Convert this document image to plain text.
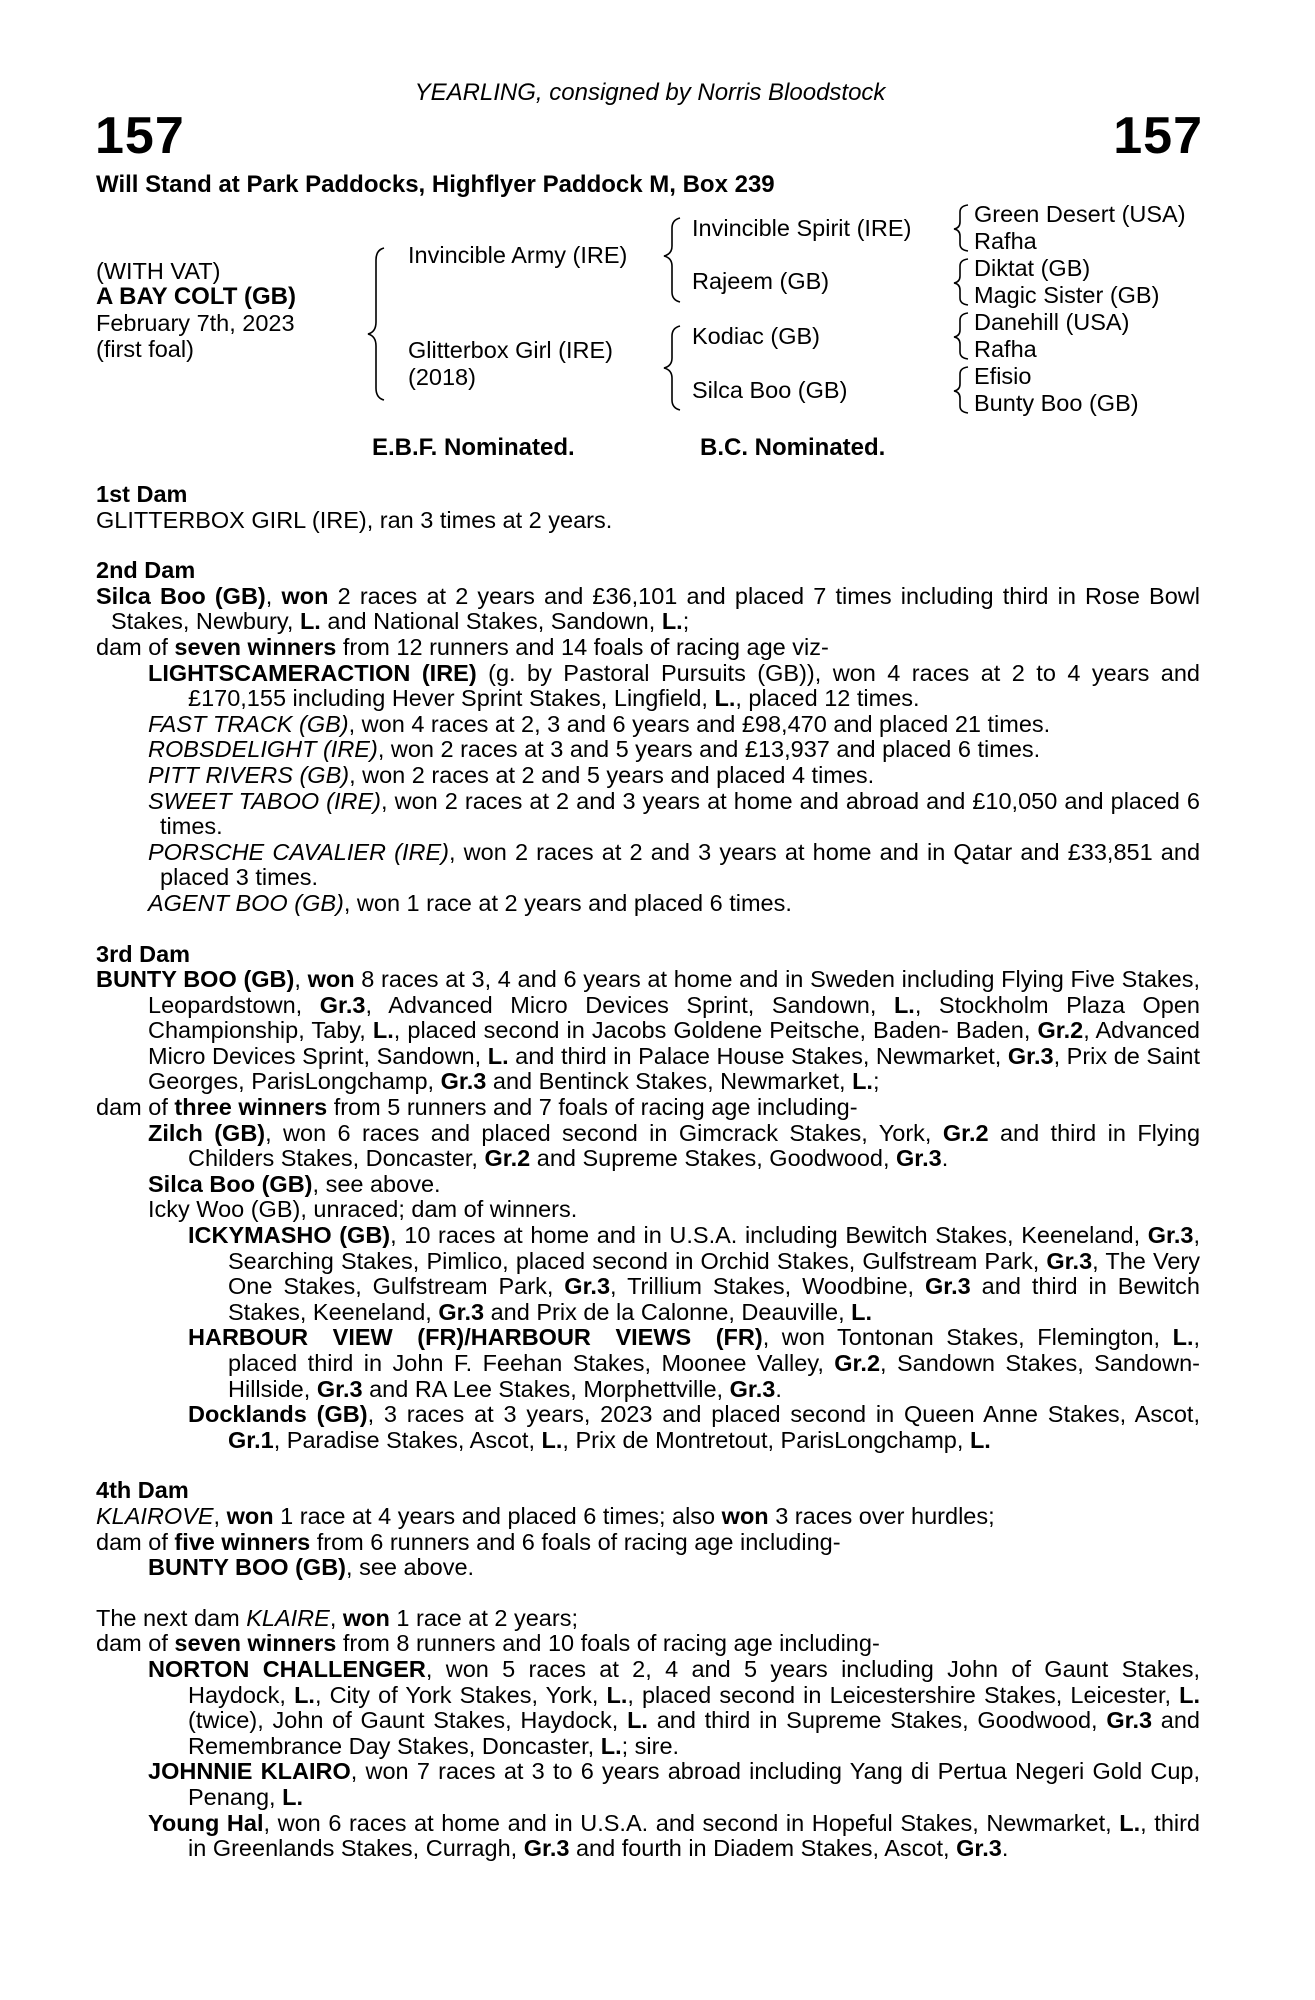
YEARLING, consigned by Norris Bloodstock
157	157
Will Stand at Park Paddocks, Highflyer Paddock M, Box 239
(WITH VAT)
A BAY COLT (GB)
February 7th, 2023
(first foal)
Invincible Army (IRE)
Glitterbox Girl (IRE)
(2018)
Invincible Spirit (IRE)
Rajeem (GB)
Kodiac (GB)
Silca Boo (GB)
Green Desert (USA)
Rafha
Diktat (GB)
Magic Sister (GB)
Danehill (USA)
Rafha
Efisio
Bunty Boo (GB)
E.B.F. Nominated.	B.C. Nominated.
1st Dam
GLITTERBOX GIRL (IRE), ran 3 times at 2 years.
2nd Dam

Silca Boo (GB), won 2 races at 2 years and £36,101 and placed 7 times including third in Rose Bowl Stakes, Newbury, L. and National Stakes, Sandown, L.;

dam of seven winners from 12 runners and 14 foals of racing age viz-

LIGHTSCAMERACTION (IRE) (g. by Pastoral Pursuits (GB)), won 4 races at 2 to 4 years and £170,155 including Hever Sprint Stakes, Lingfield, L., placed 12 times.

FAST TRACK (GB), won 4 races at 2, 3 and 6 years and £98,470 and placed 21 times.
ROBSDELIGHT (IRE), won 2 races at 3 and 5 years and £13,937 and placed 6 times.
PITT RIVERS (GB), won 2 races at 2 and 5 years and placed 4 times.

SWEET TABOO (IRE), won 2 races at 2 and 3 years at home and abroad and £10,050 and placed 6 times.

PORSCHE CAVALIER (IRE), won 2 races at 2 and 3 years at home and in Qatar and £33,851 and placed 3 times.

AGENT BOO (GB), won 1 race at 2 years and placed 6 times.
3rd Dam

BUNTY BOO (GB), won 8 races at 3, 4 and 6 years at home and in Sweden including Flying Five Stakes, Leopardstown, Gr.3, Advanced Micro Devices Sprint, Sandown, L., Stockholm Plaza Open Championship, Taby, L., placed second in Jacobs Goldene Peitsche, Baden- Baden, Gr.2, Advanced Micro Devices Sprint, Sandown, L. and third in Palace House Stakes, Newmarket, Gr.3, Prix de Saint Georges, ParisLongchamp, Gr.3 and Bentinck Stakes, Newmarket, L.;

dam of three winners from 5 runners and 7 foals of racing age including-

Zilch (GB), won 6 races and placed second in Gimcrack Stakes, York, Gr.2 and third in Flying Childers Stakes, Doncaster, Gr.2 and Supreme Stakes, Goodwood, Gr.3.

Silca Boo (GB), see above.
Icky Woo (GB), unraced; dam of winners.

ICKYMASHO (GB), 10 races at home and in U.S.A. including Bewitch Stakes, Keeneland, Gr.3, Searching Stakes, Pimlico, placed second in Orchid Stakes, Gulfstream Park, Gr.3, The Very One Stakes, Gulfstream Park, Gr.3, Trillium Stakes, Woodbine, Gr.3 and third in Bewitch Stakes, Keeneland, Gr.3 and Prix de la Calonne, Deauville, L.

HARBOUR VIEW (FR)/HARBOUR VIEWS (FR), won Tontonan Stakes, Flemington, L., placed third in John F. Feehan Stakes, Moonee Valley, Gr.2, Sandown Stakes, Sandown-Hillside, Gr.3 and RA Lee Stakes, Morphettville, Gr.3.

Docklands (GB), 3 races at 3 years, 2023 and placed second in Queen Anne Stakes, Ascot, Gr.1, Paradise Stakes, Ascot, L., Prix de Montretout, ParisLongchamp, L.

4th Dam
KLAIROVE, won 1 race at 4 years and placed 6 times; also won 3 races over hurdles;
dam of five winners from 6 runners and 6 foals of racing age including-
BUNTY BOO (GB), see above.
The next dam KLAIRE, won 1 race at 2 years;
dam of seven winners from 8 runners and 10 foals of racing age including-

NORTON CHALLENGER, won 5 races at 2, 4 and 5 years including John of Gaunt Stakes, Haydock, L., City of York Stakes, York, L., placed second in Leicestershire Stakes, Leicester, L. (twice), John of Gaunt Stakes, Haydock, L. and third in Supreme Stakes, Goodwood, Gr.3 and Remembrance Day Stakes, Doncaster, L.; sire.

JOHNNIE KLAIRO, won 7 races at 3 to 6 years abroad including Yang di Pertua Negeri Gold Cup, Penang, L.

Young Hal, won 6 races at home and in U.S.A. and second in Hopeful Stakes, Newmarket, L., third in Greenlands Stakes, Curragh, Gr.3 and fourth in Diadem Stakes, Ascot, Gr.3.
